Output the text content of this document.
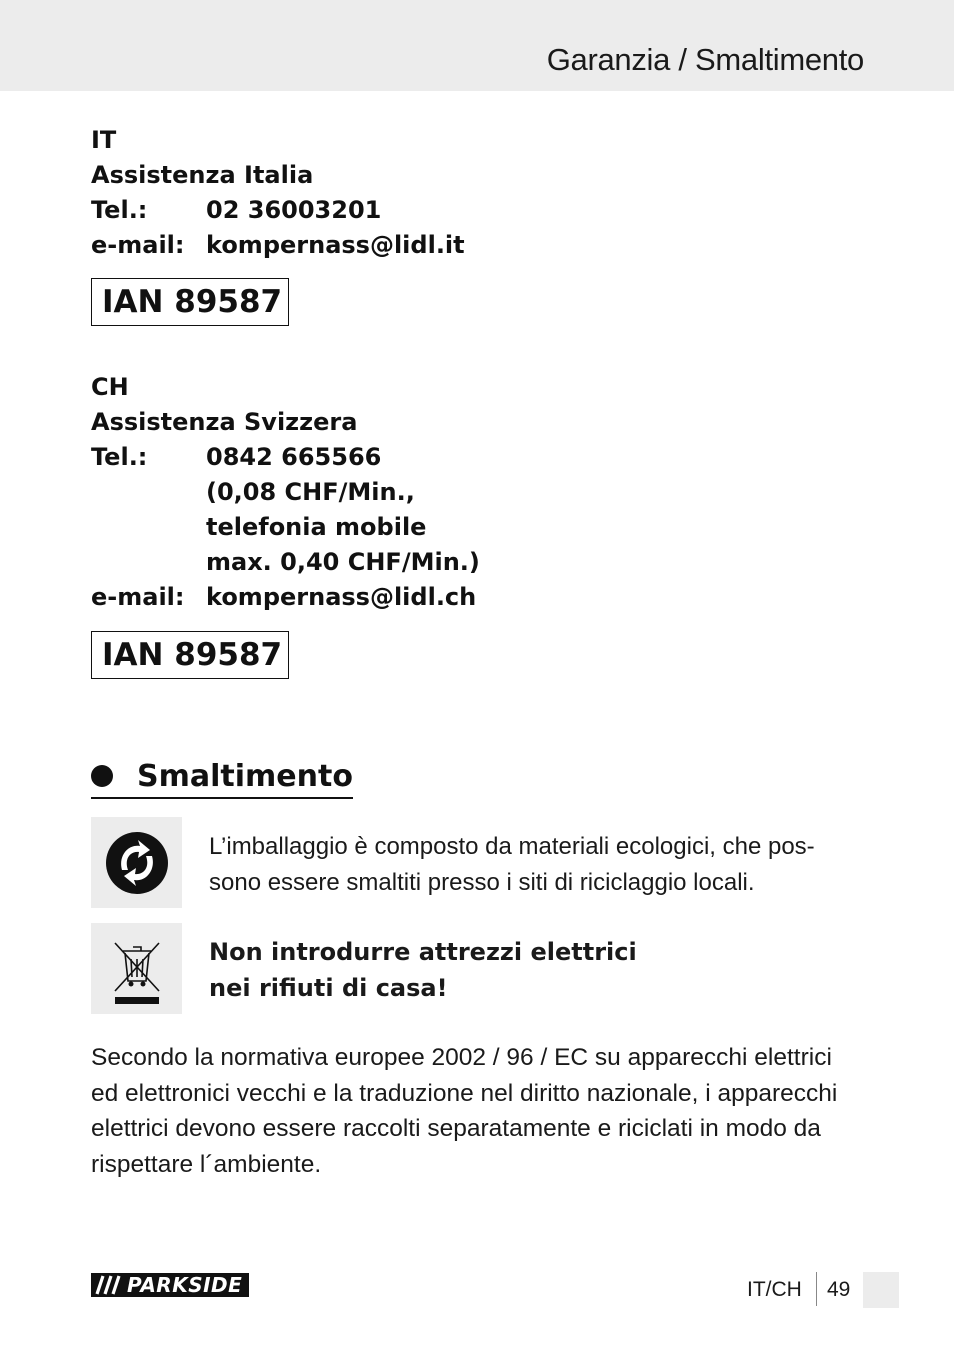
Garanzia / Smaltimento
IT
Assistenza Italia
Tel.:	02 36003201
e-mail: kompernass@lidl.it
IAN 89587
CH
Assistenza Svizzera
Tel.:	0842 665566
(0,08 CHF/Min.,
telefonia mobile
max. 0,40 CHF/Min.)
e-mail: kompernass@lidl.ch
IAN 89587
Smaltimento
L’imballaggio è composto da materiali ecologici, che pos-
sono essere smaltiti presso i siti di riciclaggio locali.
Non introdurre attrezzi elettrici
nei rifiuti di casa!
Secondo la normativa europee 2002 / 96 / EC su apparecchi elettrici
ed elettronici vecchi e la traduzione nel diritto nazionale, i apparecchi
elettrici devono essere raccolti separatamente e riciclati in modo da
rispettare l´ambiente.
PARKSIDE	IT/CH 49
